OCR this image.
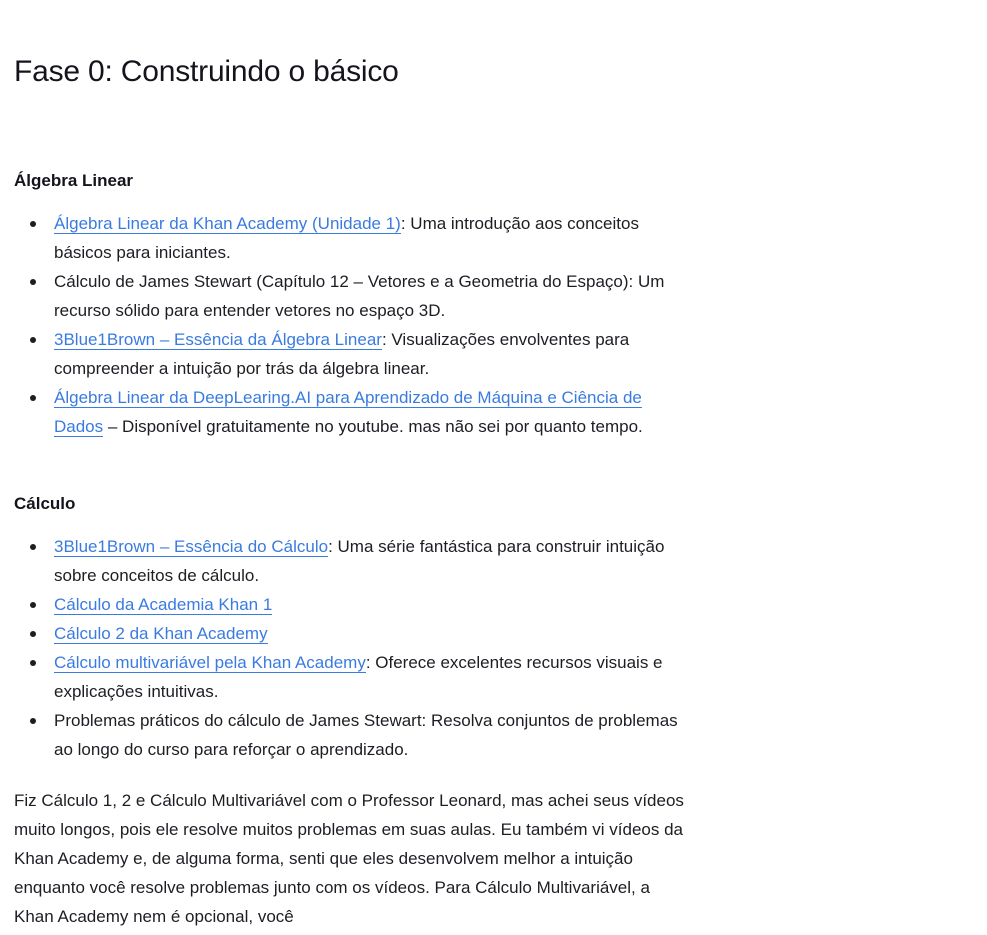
Fase 0: Construindo o básico
Álgebra Linear
Álgebra Linear da Khan Academy (Unidade 1): Uma introdução aos conceitos básicos para iniciantes.
Cálculo de James Stewart (Capítulo 12 – Vetores e a Geometria do Espaço): Um recurso sólido para entender vetores no espaço 3D.
3Blue1Brown – Essência da Álgebra Linear: Visualizações envolventes para compreender a intuição por trás da álgebra linear.
Álgebra Linear da DeepLearing.AI para Aprendizado de Máquina e Ciência de Dados – Disponível gratuitamente no youtube. mas não sei por quanto tempo.
Cálculo
3Blue1Brown – Essência do Cálculo: Uma série fantástica para construir intuição sobre conceitos de cálculo.
Cálculo da Academia Khan 1
Cálculo 2 da Khan Academy
Cálculo multivariável pela Khan Academy: Oferece excelentes recursos visuais e explicações intuitivas.
Problemas práticos do cálculo de James Stewart: Resolva conjuntos de problemas ao longo do curso para reforçar o aprendizado.

Fiz Cálculo 1, 2 e Cálculo Multivariável com o Professor Leonard, mas achei seus vídeos muito longos, pois ele resolve muitos problemas em suas aulas. Eu também vi vídeos da Khan Academy e, de alguma forma, senti que eles desenvolvem melhor a intuição enquanto você resolve problemas junto com os vídeos. Para Cálculo Multivariável, a Khan Academy nem é opcional, você
